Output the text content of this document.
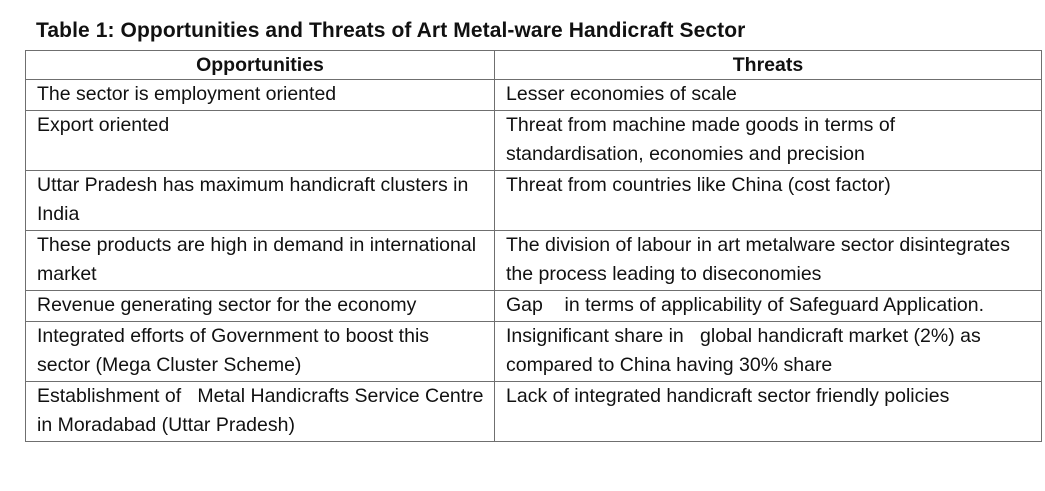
Table 1: Opportunities and Threats of Art Metal-ware Handicraft Sector
Opportunities	Threats
The sector is employment oriented	Lesser economies of scale
Export oriented	Threat from machine made goods in terms of standardisation, economies and precision
Uttar Pradesh has maximum handicraft clusters in India	Threat from countries like China (cost factor)
These products are high in demand in international market	The division of labour in art metalware sector disintegrates the process leading to diseconomies
Revenue generating sector for the economy	Gap    in terms of applicability of Safeguard Application.
Integrated efforts of Government to boost this sector (Mega Cluster Scheme)	Insignificant share in   global handicraft market (2%) as compared to China having 30% share
Establishment of   Metal Handicrafts Service Centre in Moradabad (Uttar Pradesh)	Lack of integrated handicraft sector friendly policies
